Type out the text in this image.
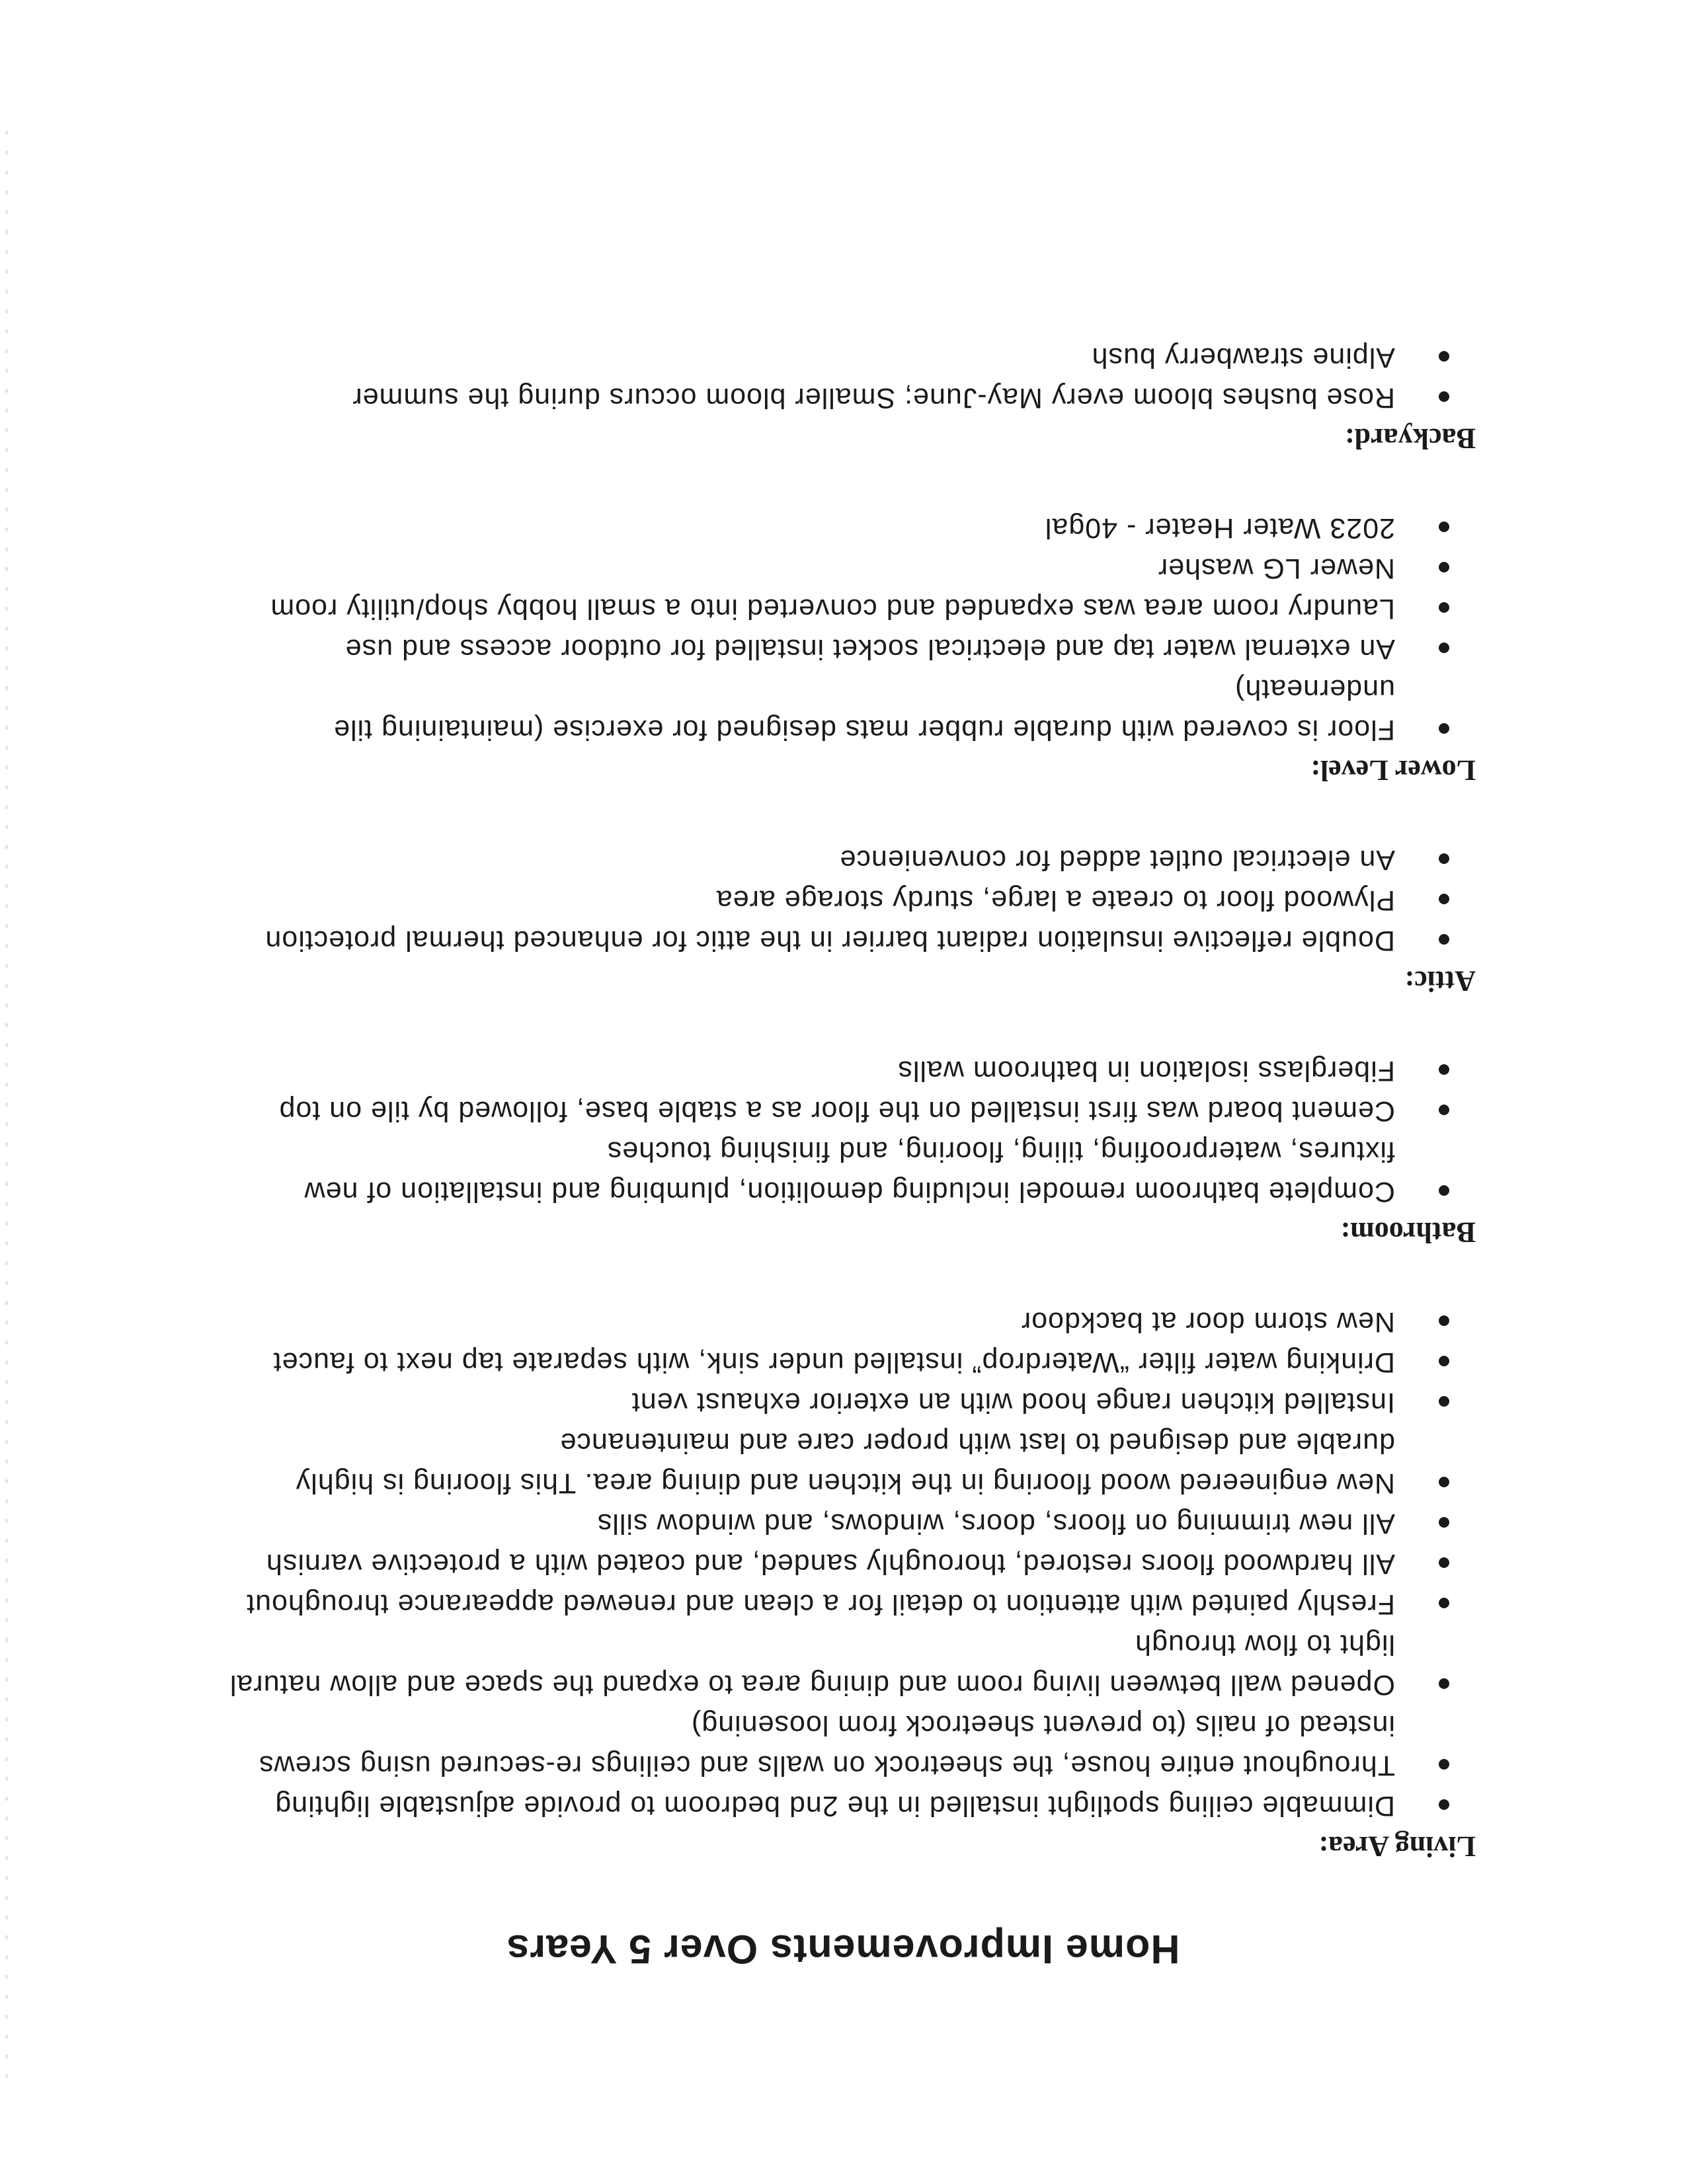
Home Improvements Over 5 Years
Living Area:
Dimmable ceiling spotlight installed in the 2nd bedroom to provide adjustable lighting
Throughout entire house, the sheetrock on walls and ceilings re-secured using screws
instead of nails (to prevent sheetrock from loosening)
Opened wall between living room and dining area to expand the space and allow natural
light to flow through
Freshly painted with attention to detail for a clean and renewed appearance throughout
All hardwood floors restored, thoroughly sanded, and coated with a protective varnish
All new trimming on floors, doors, windows, and window sills
New engineered wood flooring in the kitchen and dining area. This flooring is highly
durable and designed to last with proper care and maintenance
Installed kitchen range hood with an exterior exhaust vent
Drinking water filter “Waterdrop” installed under sink, with separate tap next to faucet
New storm door at backdoor
Bathroom:
Complete bathroom remodel including demolition, plumbing and installation of new
fixtures, waterproofing, tiling, flooring, and finishing touches
Cement board was first installed on the floor as a stable base, followed by tile on top
Fiberglass isolation in bathroom walls
Attic:
Double reflective insulation radiant barrier in the attic for enhanced thermal protection
Plywood floor to create a large, sturdy storage area
An electrical outlet added for convenience
Lower Level:
Floor is covered with durable rubber mats designed for exercise (maintaining tile
underneath)
An external water tap and electrical socket installed for outdoor access and use
Laundry room area was expanded and converted into a small hobby shop/utility room
Newer LG washer
2023 Water Heater - 40gal
Backyard:
Rose bushes bloom every May-June; Smaller bloom occurs during the summer
Alpine strawberry bush
